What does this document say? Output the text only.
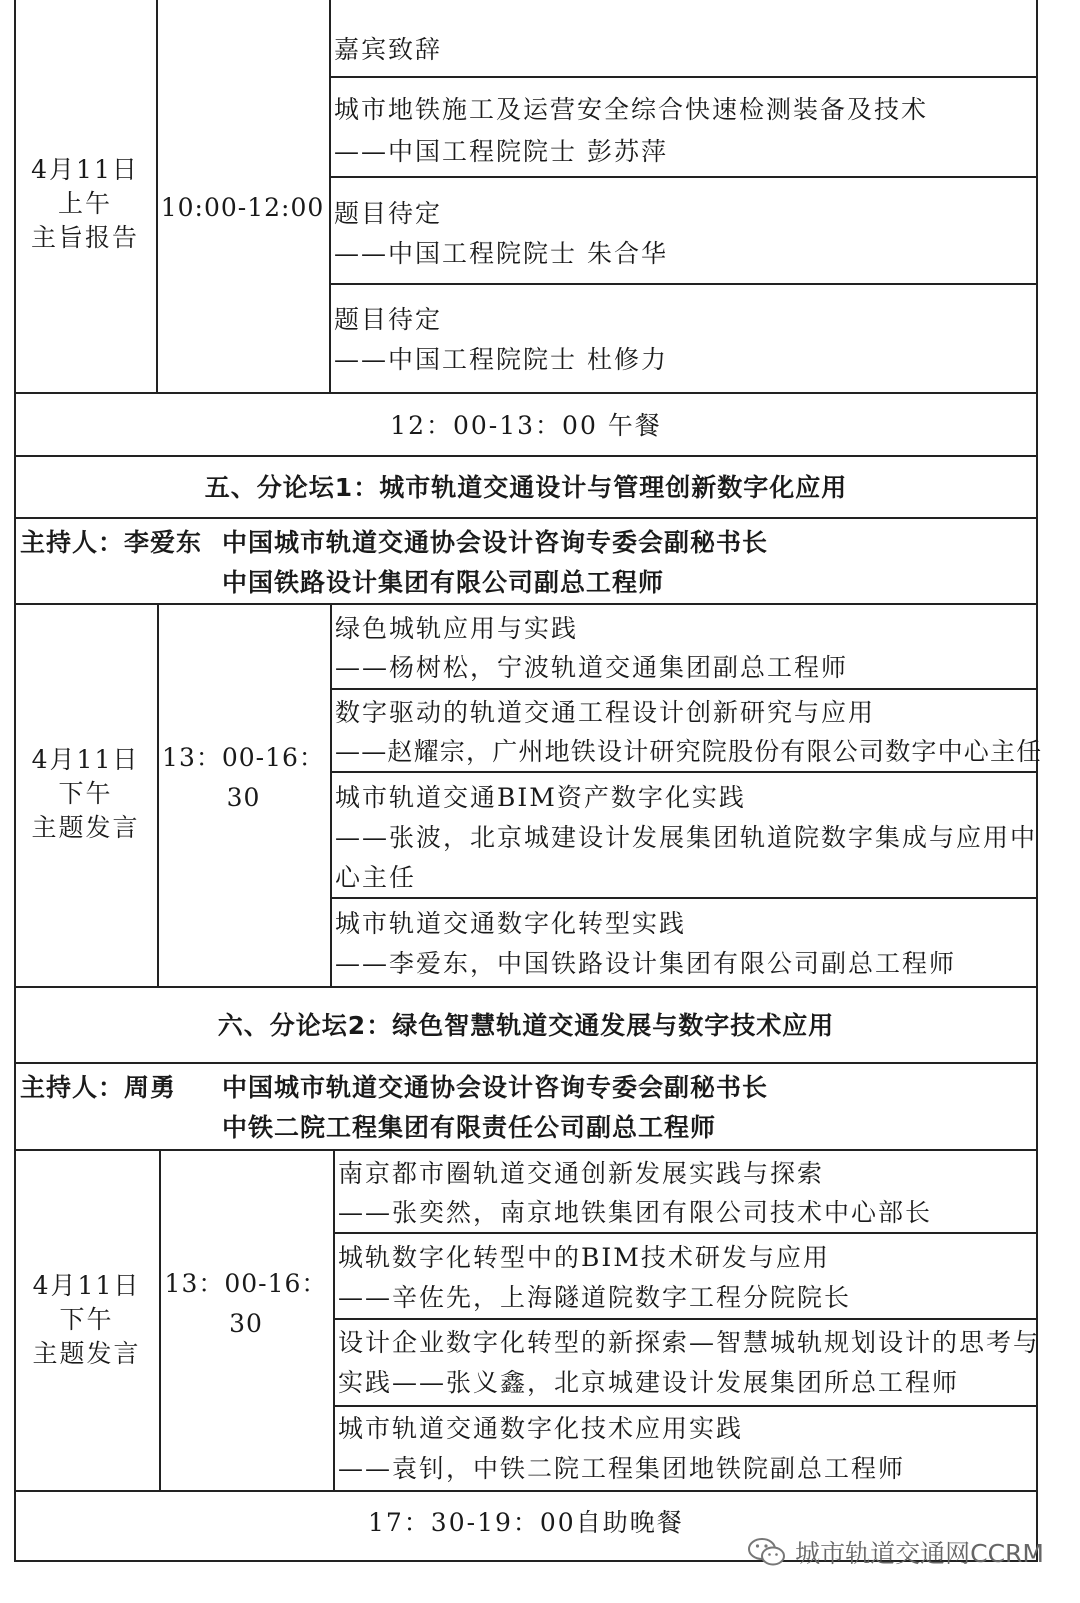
4月11日
上午
主旨报告
10:00-12:00
嘉宾致辞
城市地铁施工及运营安全综合快速检测装备及技术
——中国工程院院士 彭苏萍
题目待定
——中国工程院院士 朱合华
题目待定
——中国工程院院士 杜修力
12：00-13：00 午餐
五、分论坛1：城市轨道交通设计与管理创新数字化应用
主持人：李爱东 中国城市轨道交通协会设计咨询专委会副秘书长
中国铁路设计集团有限公司副总工程师
4月11日
下午
主题发言
13：00-16：
30
绿色城轨应用与实践
——杨树松，宁波轨道交通集团副总工程师
数字驱动的轨道交通工程设计创新研究与应用
——赵耀宗，广州地铁设计研究院股份有限公司数字中心主任
城市轨道交通BIM资产数字化实践
——张波，北京城建设计发展集团轨道院数字集成与应用中
心主任
城市轨道交通数字化转型实践
——李爱东，中国铁路设计集团有限公司副总工程师
六、分论坛2：绿色智慧轨道交通发展与数字技术应用
主持人：周勇 中国城市轨道交通协会设计咨询专委会副秘书长
中铁二院工程集团有限责任公司副总工程师
4月11日
下午
主题发言
13：00-16：
30
南京都市圈轨道交通创新发展实践与探索
——张奕然，南京地铁集团有限公司技术中心部长
城轨数字化转型中的BIM技术研发与应用
——辛佐先，上海隧道院数字工程分院院长
设计企业数字化转型的新探索—智慧城轨规划设计的思考与
实践——张义鑫，北京城建设计发展集团所总工程师
城市轨道交通数字化技术应用实践
——袁钊，中铁二院工程集团地铁院副总工程师
17：30-19：00自助晚餐
城市轨道交通网CCRM
